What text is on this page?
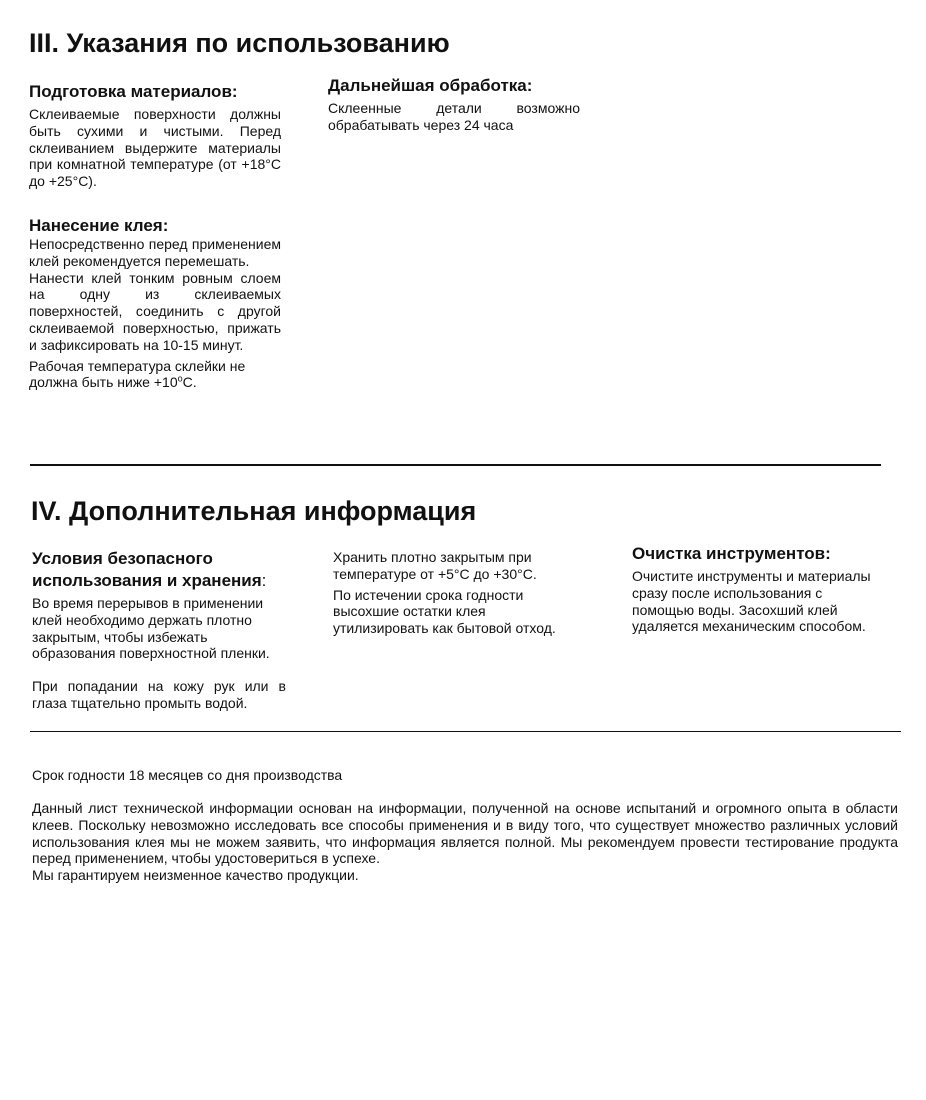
III. Указания по использованию
Подготовка материалов:

Склеиваемые поверхности должны быть сухими и чистыми. Перед склеиванием выдержите материалы при комнатной температуре (от +18°C до +25°C).

Нанесение клея:

Непосредственно перед применением клей рекомендуется перемешать.

Нанести клей тонким ровным слоем на одну из склеиваемых поверхностей, соединить с другой склеиваемой поверхностью, прижать и зафиксировать на 10-15 минут.

Рабочая температура склейки не должна быть ниже $+10^oC$.

Дальнейшая обработка:

Склеенные детали возможно обрабатывать через 24 часа

IV. Дополнительная информация
Условия безопасного использования и хранения:

Во время перерывов в применении клей необходимо держать плотно закрытым, чтобы избежать образования поверхностной пленки.

При попадании на кожу рук или в глаза тщательно промыть водой.

Хранить плотно закрытым при температуре от +5°C до +30°C.

По истечении срока годности высохшие остатки клея утилизировать как бытовой отход.

Очистка инструментов:

Очистите инструменты и материалы сразу после использования с помощью воды. Засохший клей удаляется механическим способом.

Срок годности 18 месяцев со дня производства

Данный лист технической информации основан на информации, полученной на основе испытаний и огромного опыта в области клеев. Поскольку невозможно исследовать все способы применения и в виду того, что существует множество различных условий использования клея мы не можем заявить, что информация является полной. Мы рекомендуем провести тестирование продукта перед применением, чтобы удостовериться в успехе.

Мы гарантируем неизменное качество продукции.
